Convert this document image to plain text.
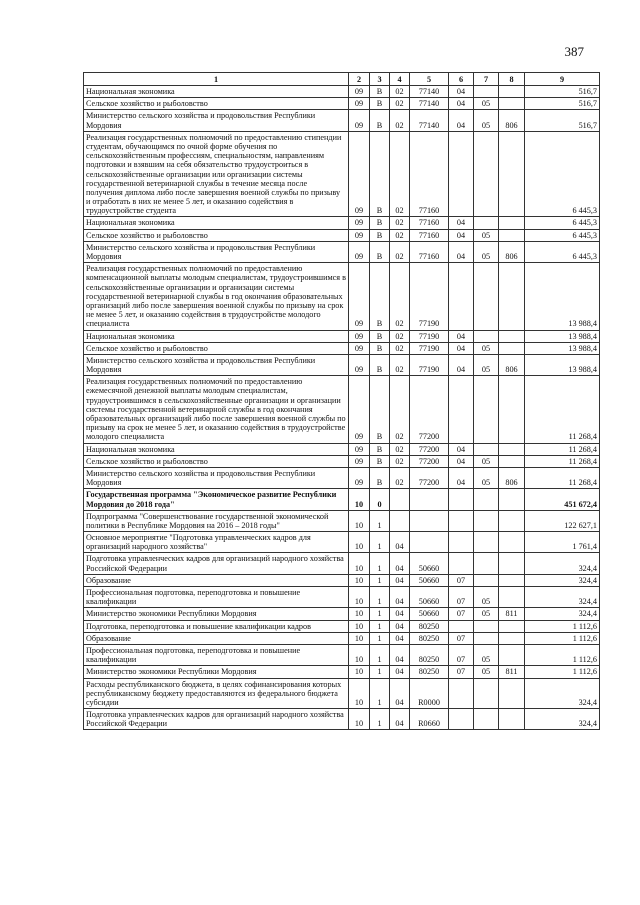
387
1	2	3	4	5	6	7	8	9
Национальная экономика	09	В	02	77140	04			516,7
Сельское хозяйство и рыболовство	09	В	02	77140	04	05		516,7
Министерство сельского хозяйства и продовольствия Республики Мордовия	09	В	02	77140	04	05	806	516,7
Реализация государственных полномочий по предоставлению стипендии студентам, обучающимся по очной форме обучения по сельскохозяйственным профессиям, специальностям, направлениям подготовки и взявшим на себя обязательство трудоустроиться в сельскохозяйственные организации или организации системы государственной ветеринарной службы в течение месяца после получения диплома либо после завершения военной службы по призыву и отработать в них не менее 5 лет, и оказанию содействия в трудоустройстве студента	09	В	02	77160				6 445,3
Национальная экономика	09	В	02	77160	04			6 445,3
Сельское хозяйство и рыболовство	09	В	02	77160	04	05		6 445,3
Министерство сельского хозяйства и продовольствия Республики Мордовия	09	В	02	77160	04	05	806	6 445,3
Реализация государственных полномочий по предоставлению компенсационной выплаты молодым специалистам, трудоустроившимся в сельскохозяйственные организации и организации системы государственной ветеринарной службы в год окончания образовательных организаций либо после завершения военной службы по призыву на срок не менее 5 лет, и оказанию содействия в трудоустройстве молодого специалиста	09	В	02	77190				13 988,4
Национальная экономика	09	В	02	77190	04			13 988,4
Сельское хозяйство и рыболовство	09	В	02	77190	04	05		13 988,4
Министерство сельского хозяйства и продовольствия Республики Мордовия	09	В	02	77190	04	05	806	13 988,4
Реализация государственных полномочий по предоставлению ежемесячной денежной выплаты молодым специалистам, трудоустроившимся в сельскохозяйственные организации и организации системы государственной ветеринарной службы в год окончания образовательных организаций либо после завершения военной службы по призыву на срок не менее 5 лет, и оказанию содействия в трудоустройстве молодого специалиста	09	В	02	77200				11 268,4
Национальная экономика	09	В	02	77200	04			11 268,4
Сельское хозяйство и рыболовство	09	В	02	77200	04	05		11 268,4
Министерство сельского хозяйства и продовольствия Республики Мордовия	09	В	02	77200	04	05	806	11 268,4
Государственная программа "Экономическое развитие Республики Мордовия до 2018 года"	10	0						451 672,4
Подпрограмма "Совершенствование государственной экономической политики в Республике Мордовия на 2016 – 2018 годы"	10	1						122 627,1
Основное мероприятие "Подготовка управленческих кадров для организаций народного хозяйства"	10	1	04					1 761,4
Подготовка управленческих кадров для организаций народного хозяйства Российской Федерации	10	1	04	50660				324,4
Образование	10	1	04	50660	07			324,4
Профессиональная подготовка, переподготовка и повышение квалификации	10	1	04	50660	07	05		324,4
Министерство экономики Республики Мордовия	10	1	04	50660	07	05	811	324,4
Подготовка, переподготовка и повышение квалификации кадров	10	1	04	80250				1 112,6
Образование	10	1	04	80250	07			1 112,6
Профессиональная подготовка, переподготовка и повышение квалификации	10	1	04	80250	07	05		1 112,6
Министерство экономики Республики Мордовия	10	1	04	80250	07	05	811	1 112,6
Расходы республиканского бюджета, в целях софинансирования которых республиканскому бюджету предоставляются из федерального бюджета субсидии	10	1	04	R0000				324,4
Подготовка управленческих кадров для организаций народного хозяйства Российской Федерации	10	1	04	R0660				324,4
